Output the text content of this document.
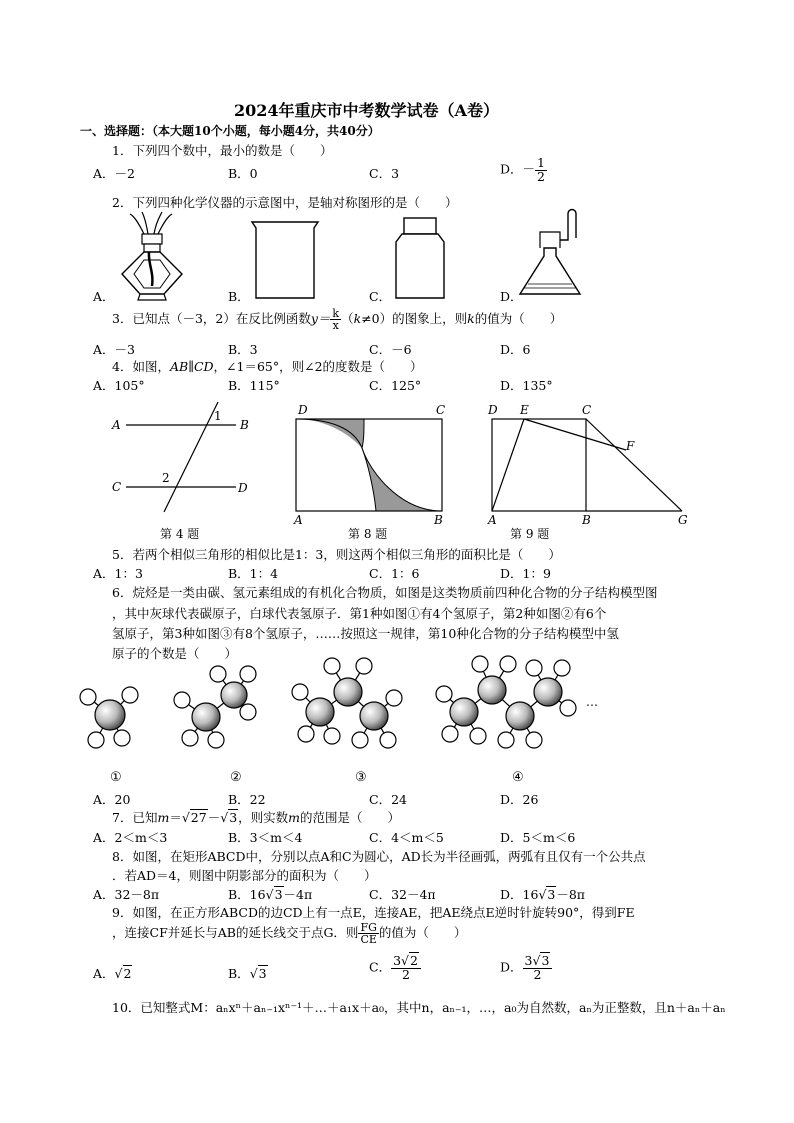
2024年重庆市中考数学试卷（A卷）
一、选择题：（本大题10个小题，每小题4分，共40分）
1．下列四个数中，最小的数是（　　）
A．－2	B．0	C．3	D．－ $\frac{1}{2}$
2．下列四种化学仪器的示意图中，是轴对称图形的是（　　）
A．	B．	C．	D．
3．已知点（－3，2）在反比例函数$y= \frac{k}{x} (k\ne 0)$的图象上，则k的值为（　　）
A．－3	B．3	C．－6	D．6
4．如图，AB∥CD，∠1＝65°，则∠2的度数是（　　）
A．105°	B．115°	C．125°	D．135°
A	B
C	D
1
2
第 4 题
D	C
A	B
第 8 题
D E	C
F
A	B	G
第 9 题
5．若两个相似三角形的相似比是1：3，则这两个相似三角形的面积比是（　　）
A．1：3	B．1：4	C．1：6	D．1：9
6．烷烃是一类由碳、氢元素组成的有机化合物质，如图是这类物质前四种化合物的分子结构模型图
，其中灰球代表碳原子，白球代表氢原子．第1种如图①有4个氢原子，第2种如图②有6个
氢原子，第3种如图③有8个氢原子，……按照这一规律，第10种化合物的分子结构模型中氢
原子的个数是（　　）
…
①	②	③	④
A．20	B．22	C．24	D．26
7．已知m＝√27－√3，则实数m的范围是（　　）
A．2＜m＜3	B．3＜m＜4	C．4＜m＜5	D．5＜m＜6
8．如图，在矩形ABCD中，分别以点A和C为圆心，AD长为半径画弧，两弧有且仅有一个公共点
．若AD＝4，则图中阴影部分的面积为（　　）
A．32－8π	B．16√3－4π	C．32－4π	D．16√3－8π
9．如图，在正方形ABCD的边CD上有一点E，连接AE，把AE绕点E逆时针旋转90°，得到FE
，连接CF并延长与AB的延长线交于点G．则 $\frac{FG}{CE}$ 的值为（　　）
A．√2	B．√3	C． $\frac{3√2}{2}$	D． $\frac{3√3}{2}$
10．已知整式M：aₙxⁿ＋aₙ₋₁xⁿ⁻¹＋…＋a₁x＋a₀，其中n，aₙ₋₁，…，a₀为自然数，aₙ为正整数，且n＋aₙ＋aₙ
